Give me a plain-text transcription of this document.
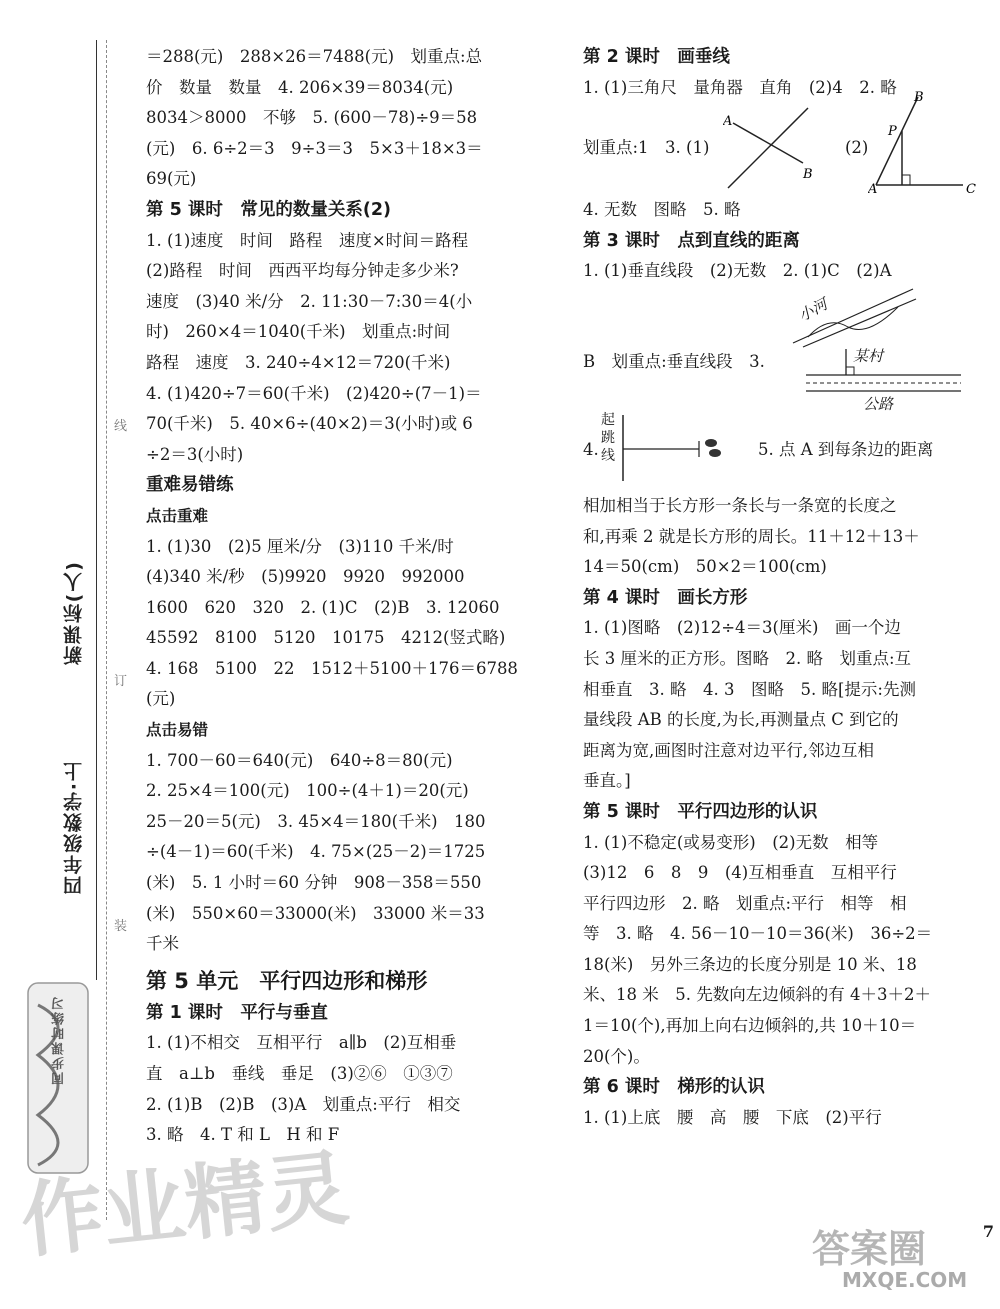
新课标(人)
四年级数学·上
线
订
装
同步课时练习
＝288(元)　288×26＝7488(元)　划重点:总
价　数量　数量　4. 206×39＝8034(元)
8034＞8000　不够　5. (600－78)÷9＝58
(元)　6. 6÷2＝3　9÷3＝3　5×3＋18×3＝
69(元)
第 5 课时　常见的数量关系(2)
1. (1)速度　时间　路程　速度×时间＝路程
(2)路程　时间　西西平均每分钟走多少米?
速度　(3)40 米/分　2. 11:30－7:30＝4(小
时)　260×4＝1040(千米)　划重点:时间
路程　速度　3. 240÷4×12＝720(千米)
4. (1)420÷7＝60(千米)　(2)420÷(7－1)＝
70(千米)　5. 40×6÷(40×2)＝3(小时)或 6
÷2＝3(小时)
重难易错练
点击重难
1. (1)30　(2)5 厘米/分　(3)110 千米/时
(4)340 米/秒　(5)9920　9920　992000
1600　620　320　2. (1)C　(2)B　3. 12060
45592　8100　5120　10175　4212(竖式略)
4. 168　5100　22　1512＋5100＋176＝6788
(元)
点击易错
1. 700－60＝640(元)　640÷8＝80(元)
2. 25×4＝100(元)　100÷(4＋1)＝20(元)
25－20＝5(元)　3. 45×4＝180(千米)　180
÷(4－1)＝60(千米)　4. 75×(25－2)＝1725
(米)　5. 1 小时＝60 分钟　908－358＝550
(米)　550×60＝33000(米)　33000 米＝33
千米
第 5 单元　平行四边形和梯形
第 1 课时　平行与垂直
1. (1)不相交　互相平行　a∥b　(2)互相垂
直　a⊥b　垂线　垂足　(3)②⑥　①③⑦
2. (1)B　(2)B　(3)A　划重点:平行　相交
3. 略　4. T 和 L　H 和 F
第 2 课时　画垂线
1. (1)三角尺　量角器　直角　(2)4　2. 略
划重点:1　3. (1)
A
B
(2)
A
B
P
C
4. 无数　图略　5. 略
第 3 课时　点到直线的距离
1. (1)垂直线段　(2)无数　2. (1)C　(2)A
小河
B　划重点:垂直线段　3.	某村
公路
4.
起跳线	5. 点 A 到每条边的距离
相加相当于长方形一条长与一条宽的长度之
和,再乘 2 就是长方形的周长。11＋12＋13＋
14＝50(cm)　50×2＝100(cm)
第 4 课时　画长方形
1. (1)图略　(2)12÷4＝3(厘米)　画一个边
长 3 厘米的正方形。图略　2. 略　划重点:互
相垂直　3. 略　4. 3　图略　5. 略[提示:先测
量线段 AB 的长度,为长,再测量点 C 到它的
距离为宽,画图时注意对边平行,邻边互相
垂直。]
第 5 课时　平行四边形的认识
1. (1)不稳定(或易变形)　(2)无数　相等
(3)12　6　8　9　(4)互相垂直　互相平行
平行四边形　2. 略　划重点:平行　相等　相
等　3. 略　4. 56－10－10＝36(米)　36÷2＝
18(米)　另外三条边的长度分别是 10 米、18
米、18 米　5. 先数向左边倾斜的有 4＋3＋2＋
1＝10(个),再加上向右边倾斜的,共 10＋10＝
20(个)。
第 6 课时　梯形的认识
1. (1)上底　腰　高　腰　下底　(2)平行
作业精灵	答案圈
MXQE.COM
7
